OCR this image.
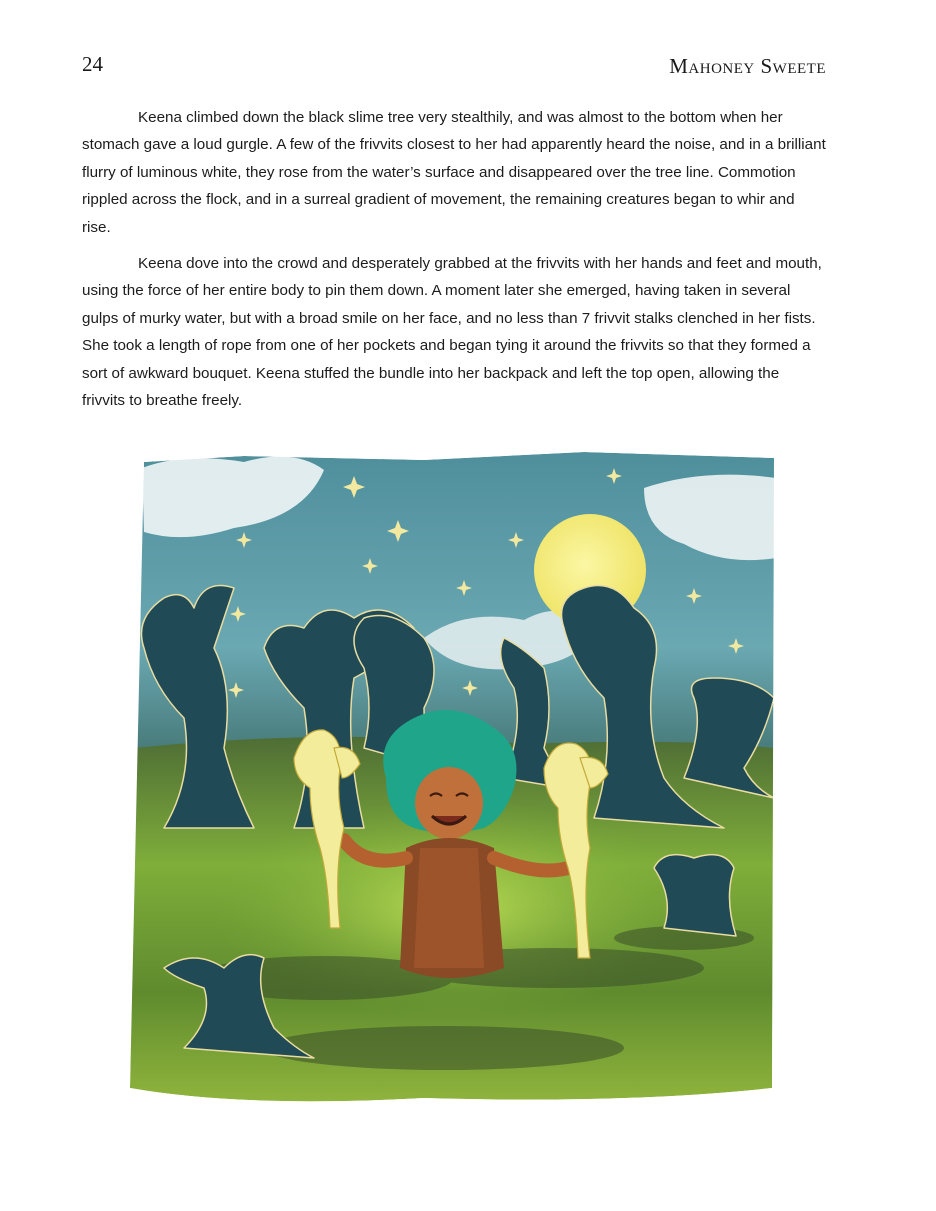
24	Mahoney Sweete

Keena climbed down the black slime tree very stealthily, and was almost to the bottom when her stomach gave a loud gurgle. A few of the frivvits closest to her had apparently heard the noise, and in a brilliant flurry of luminous white, they rose from the water’s surface and disappeared over the tree line. Commotion rippled across the flock, and in a surreal gradient of movement, the remaining creatures began to whir and rise.

Keena dove into the crowd and desperately grabbed at the frivvits with her hands and feet and mouth, using the force of her entire body to pin them down. A moment later she emerged, having taken in several gulps of murky water, but with a broad smile on her face, and no less than 7 frivvit stalks clenched in her fists. She took a length of rope from one of her pockets and began tying it around the frivvits so that they formed a sort of awkward bouquet. Keena stuffed the bundle into her backpack and left the top open, allowing the frivvits to breathe freely.
